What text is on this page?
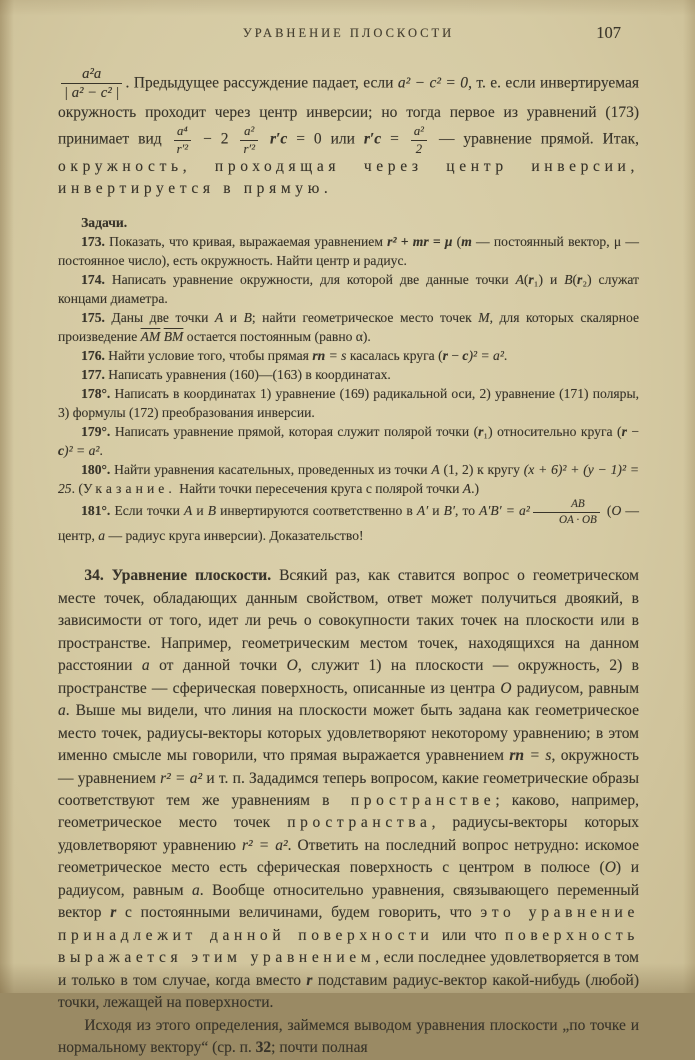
УРАВНЕНИЕ ПЛОСКОСТИ	107

$\frac{\text{a²a}}{\text{| a² − c² |}}$ . Предыдущее рассуждение падает, если a² − c² = 0, т. е. если инвертируемая окружность проходит через центр инверсии; но тогда первое из уравнений (173) принимает вид $\frac{\text{a⁴}}{\text{r′²}} - 2 \frac{\text{a²}}{\text{r′²}} r'c = 0$ или $r'c = \frac{\text{a²}}{2}$ — уравнение прямой. Итак, окружность, проходящая через центр инверсии, инвертируется в прямую.

Задачи.

173. Показать, что кривая, выражаемая уравнением r² + mr = μ (m — постоянный вектор, μ — постоянное число), есть окружность. Найти центр и радиус.

174. Написать уравнение окружности, для которой две данные точки A(r₁) и B(r₂) служат концами диаметра.

175. Даны две точки A и B; найти геометрическое место точек M, для которых скалярное произведение $\overline{AM}$ $\overline{BM}$ остается постоянным (равно α).

176. Найти условие того, чтобы прямая rn = s касалась круга (r − c)² = a².

177. Написать уравнения (160)—(163) в координатах.

178°. Написать в координатах 1) уравнение (169) радикальной оси, 2) уравнение (171) поляры, 3) формулы (172) преобразования инверсии.

179°. Написать уравнение прямой, которая служит полярой точки (r₁) относительно круга (r − c)² = a².

180°. Найти уравнения касательных, проведенных из точки A (1, 2) к кругу (x + 6)² + (y − 1)² = 25. (Указание. Найти точки пересечения круга с полярой точки A.)

181°. Если точки A и B инвертируются соответственно в A′ и B′, то $A'B' = a^2 \frac{AB}{OA \cdot OB} (O$ — центр, a — радиус круга инверсии). Доказательство!

34. Уравнение плоскости. Всякий раз, как ставится вопрос о геометрическом месте точек, обладающих данным свойством, ответ может получиться двоякий, в зависимости от того, идет ли речь о совокупности таких точек на плоскости или в пространстве. Например, геометрическим местом точек, находящихся на данном расстоянии a от данной точки O, служит 1) на плоскости — окружность, 2) в пространстве — сферическая поверхность, описанные из центра O радиусом, равным a. Выше мы видели, что линия на плоскости может быть задана как геометрическое место точек, радиусы-векторы которых удовлетворяют некоторому уравнению; в этом именно смысле мы говорили, что прямая выражается уравнением rn = s, окружность — уравнением r² = a² и т. п. Зададимся теперь вопросом, какие геометрические образы соответствуют тем же уравнениям в пространстве; каково, например, геометрическое место точек пространства, радиусы-векторы которых удовлетворяют уравнению r² = a². Ответить на последний вопрос нетрудно: искомое геометрическое место есть сферическая поверхность с центром в полюсе (O) и радиусом, равным a. Вообще относительно уравнения, связывающего переменный вектор r с постоянными величинами, будем говорить, что это уравнение принадлежит данной поверхности или что поверхность выражается этим уравнением, если последнее удовлетворяется в том и только в том случае, когда вместо r подставим радиус-вектор какой-нибудь (любой) точки, лежащей на поверхности.

Исходя из этого определения, займемся выводом уравнения плоскости „по точке и нормальному вектору“ (ср. п. 32; почти полная
